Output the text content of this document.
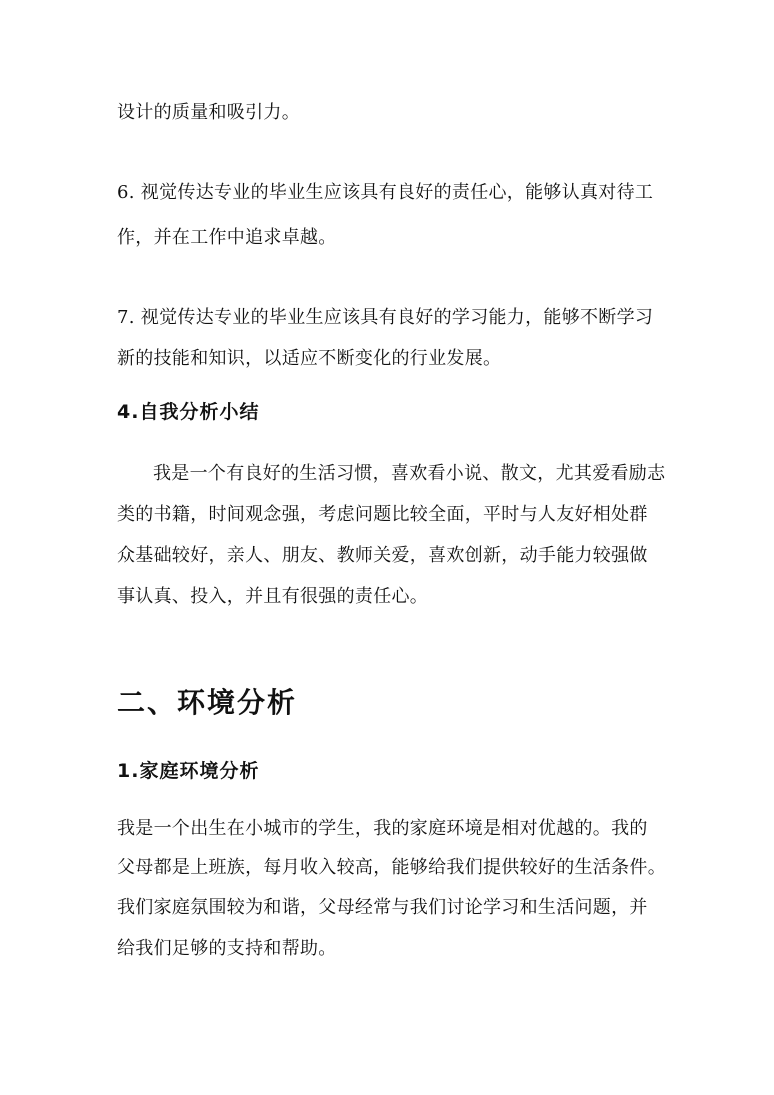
设计的质量和吸引力。
6. 视觉传达专业的毕业生应该具有良好的责任心，能够认真对待工
作，并在工作中追求卓越。
7. 视觉传达专业的毕业生应该具有良好的学习能力，能够不断学习
新的技能和知识，以适应不断变化的行业发展。
4.自我分析小结
我是一个有良好的生活习惯，喜欢看小说、散文，尤其爱看励志
类的书籍，时间观念强，考虑问题比较全面，平时与人友好相处群
众基础较好，亲人、朋友、教师关爱，喜欢创新，动手能力较强做
事认真、投入，并且有很强的责任心。
二、环境分析
1.家庭环境分析
我是一个出生在小城市的学生，我的家庭环境是相对优越的。我的
父母都是上班族，每月收入较高，能够给我们提供较好的生活条件。
我们家庭氛围较为和谐，父母经常与我们讨论学习和生活问题，并
给我们足够的支持和帮助。
